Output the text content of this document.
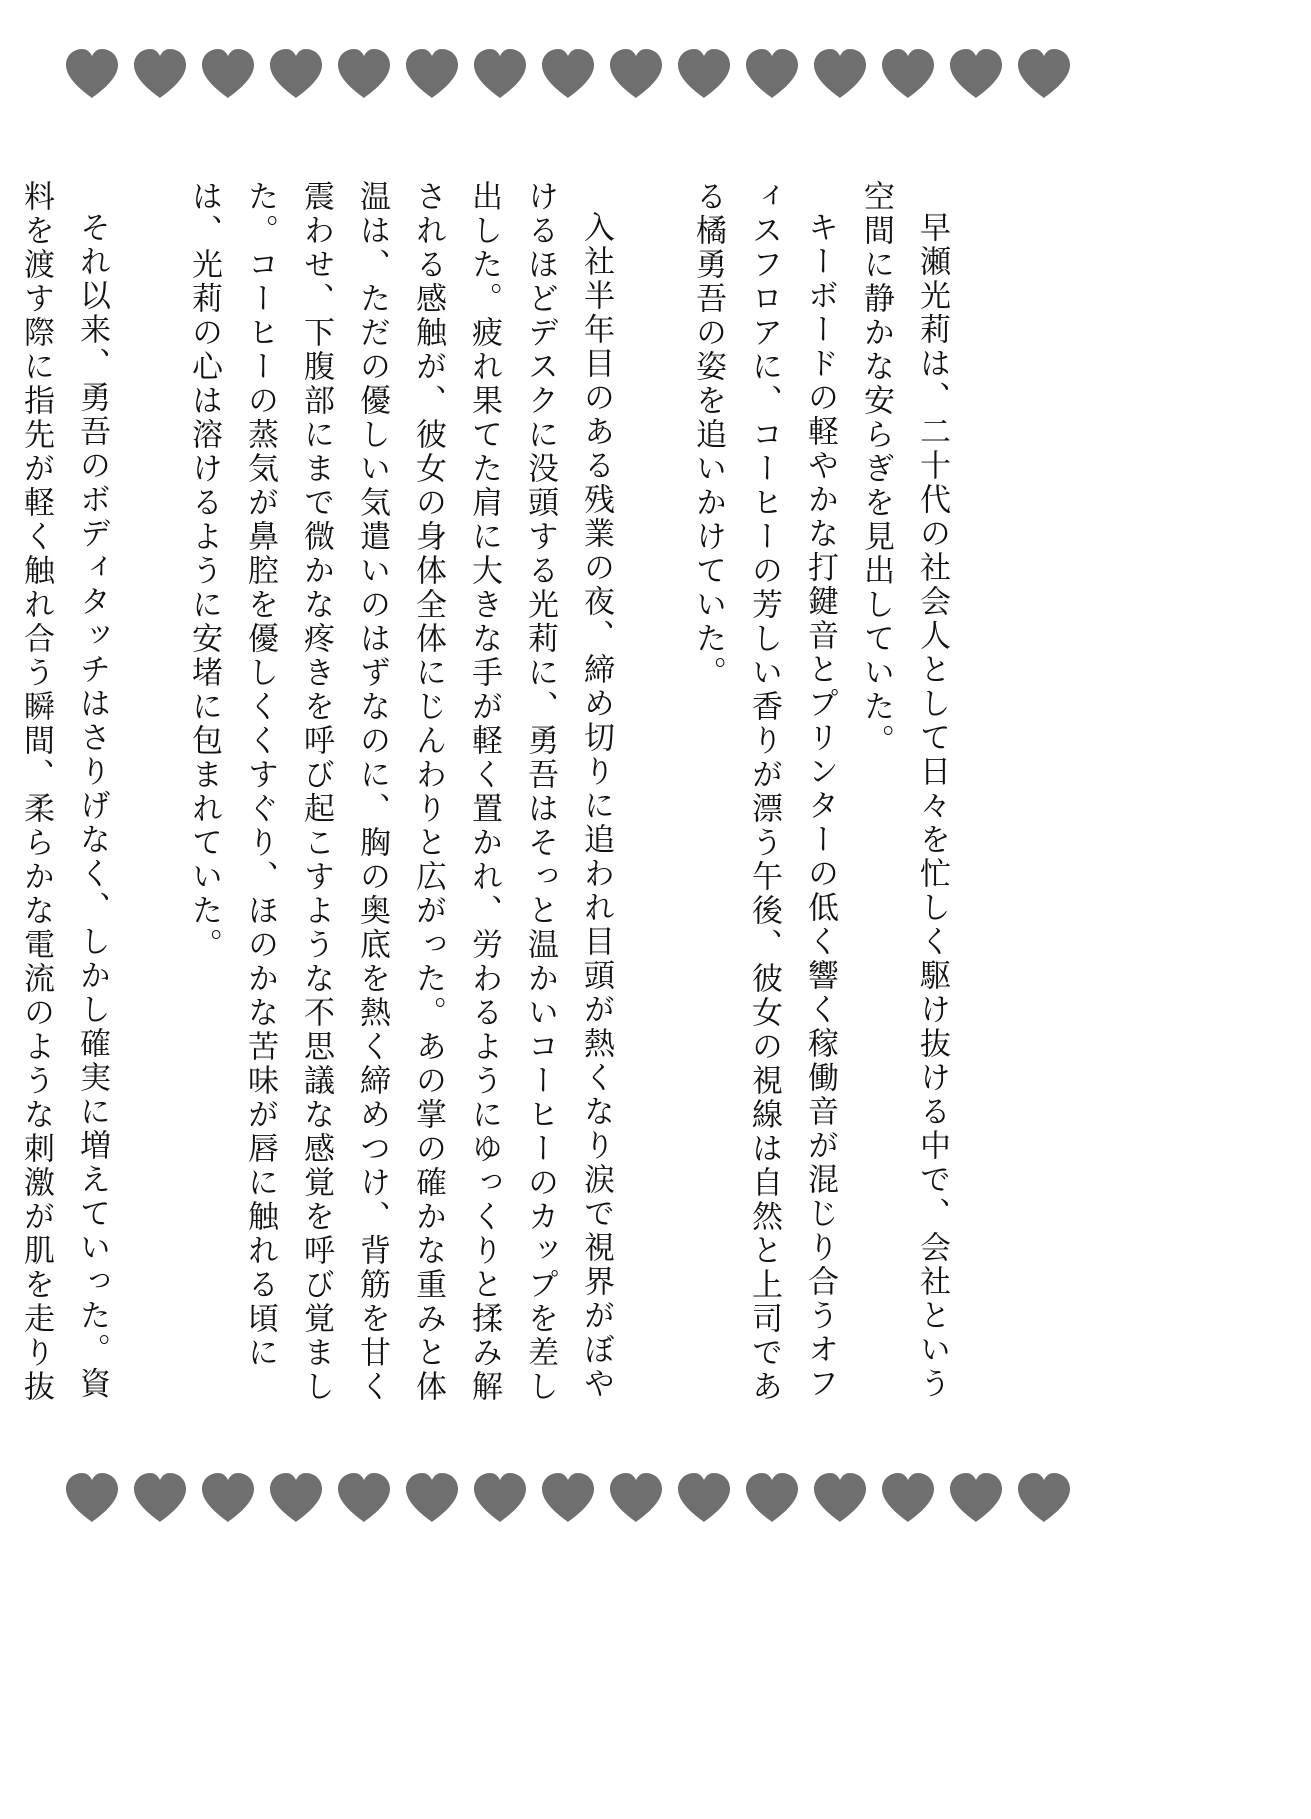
早瀬光莉は、二十代の社会人として日々を忙しく駆け抜ける中で、会社という空間に静かな安らぎを見出していた。

キーボードの軽やかな打鍵音とプリンターの低く響く稼働音が混じり合うオフィスフロアに、コーヒーの芳しい香りが漂う午後、彼女の視線は自然と上司である橘勇吾の姿を追いかけていた。

入社半年目のある残業の夜、締め切りに追われ目頭が熱くなり涙で視界がぼやけるほどデスクに没頭する光莉に、勇吾はそっと温かいコーヒーのカップを差し出した。疲れ果てた肩に大きな手が軽く置かれ、労わるようにゆっくりと揉み解される感触が、彼女の身体全体にじんわりと広がった。あの掌の確かな重みと体温は、ただの優しい気遣いのはずなのに、胸の奥底を熱く締めつけ、背筋を甘く震わせ、下腹部にまで微かな疼きを呼び起こすような不思議な感覚を呼び覚ました。コーヒーの蒸気が鼻腔を優しくくすぐり、ほのかな苦味が唇に触れる頃には、光莉の心は溶けるように安堵に包まれていた。

それ以来、勇吾のボディタッチはさりげなく、しかし確実に増えていった。資料を渡す際に指先が軽く触れ合う瞬間、柔らかな電流のような刺激が肌を走り抜
